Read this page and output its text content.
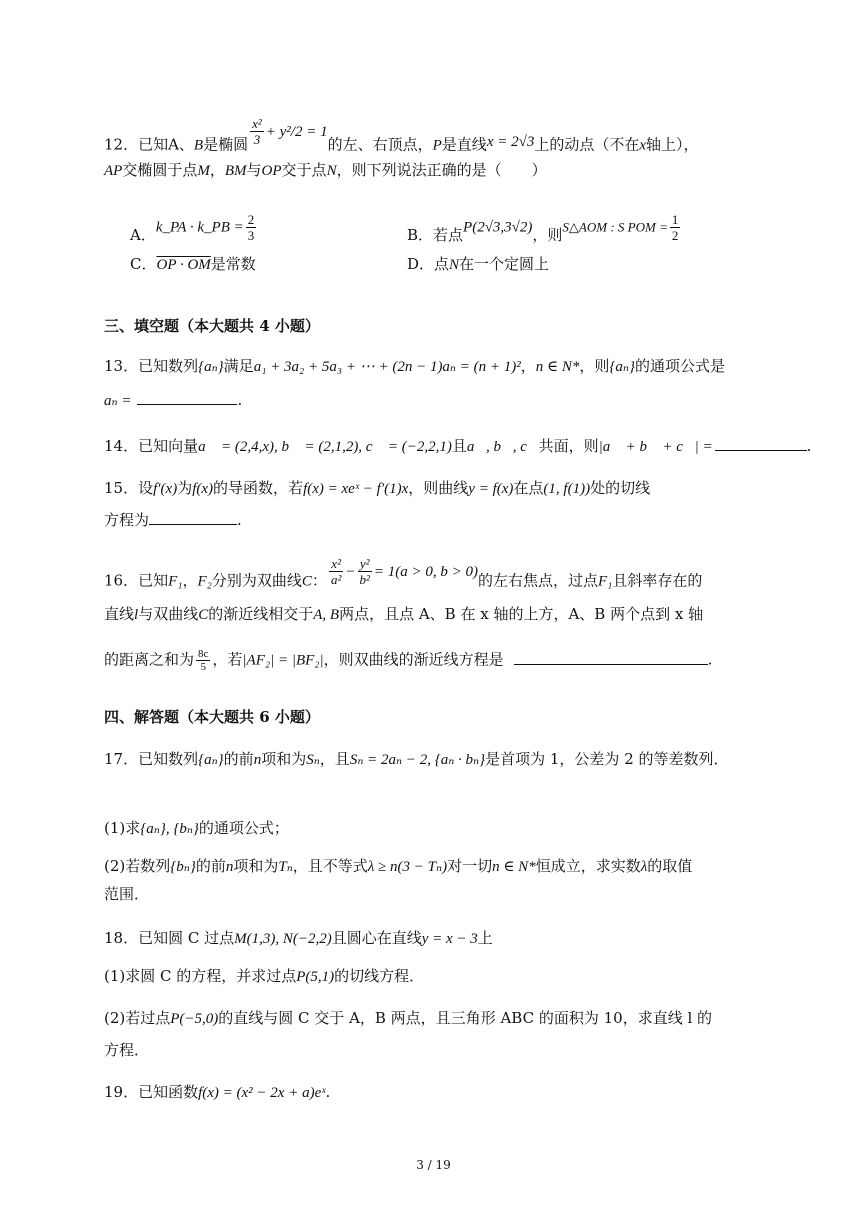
12．已知A、B是椭圆 $\frac{\text{x²}}{3} + y^2/2 = 1$的左、右顶点，P是直线x = 2√3上的动点（不在x轴上），
AP交椭圆于点M，BM与OP交于点N，则下列说法正确的是（　　）
A．k_PA · k_PB = $\frac{2}{3}$	B．若点P(2√3,3√2)，则S△AOM : S POM = $\frac{1}{2}$
C．OP · OM是常数	D．点N在一个定圆上
三、填空题（本大题共 4 小题）
13．已知数列{aₙ}满足a₁ + 3a₂ + 5a₃ + ⋯ + (2n − 1)aₙ = (n + 1)²，n ∈ N*，则{aₙ}的通项公式是
aₙ =	.
14．已知向量a⃗ = (2,4,x), b⃗ = (2,1,2), c⃗ = (−2,2,1)且a⃗, b⃗, c⃗共面，则|a⃗ + b⃗ + c⃗| =	.
15．设f′(x)为f(x)的导函数，若f(x) = xeˣ − f′(1)x，则曲线y = f(x)在点(1, f(1))处的切线
方程为	.
16．已知F₁，F₂分别为双曲线C： $\frac{\text{x²}}{\text{a²}} - \frac{\text{y²}}{\text{b²}} = 1(a > 0$, b > 0)的左右焦点，过点F₁且斜率存在的
直线l与双曲线C的渐近线相交于A, B两点，且点 A、B 在 x 轴的上方，A、B 两个点到 x 轴
的距离之和为 $\frac{8c}{5}$ ，若|AF₂| = |BF₂|，则双曲线的渐近线方程是	.
四、解答题（本大题共 6 小题）
17．已知数列{aₙ}的前n项和为Sₙ，且Sₙ = 2aₙ − 2, {aₙ · bₙ}是首项为 1，公差为 2 的等差数列．
(1)求{aₙ}, {bₙ}的通项公式；
(2)若数列{bₙ}的前n项和为Tₙ，且不等式λ ≥ n(3 − Tₙ)对一切n ∈ N*恒成立，求实数λ的取值
范围．
18．已知圆 C 过点M(1,3), N(−2,2)且圆心在直线y = x − 3上
(1)求圆 C 的方程，并求过点P(5,1)的切线方程．
(2)若过点P(−5,0)的直线与圆 C 交于 A，B 两点，且三角形 ABC 的面积为 10，求直线 l 的
方程．
19．已知函数f(x) = (x² − 2x + a)eˣ.
3 / 19
